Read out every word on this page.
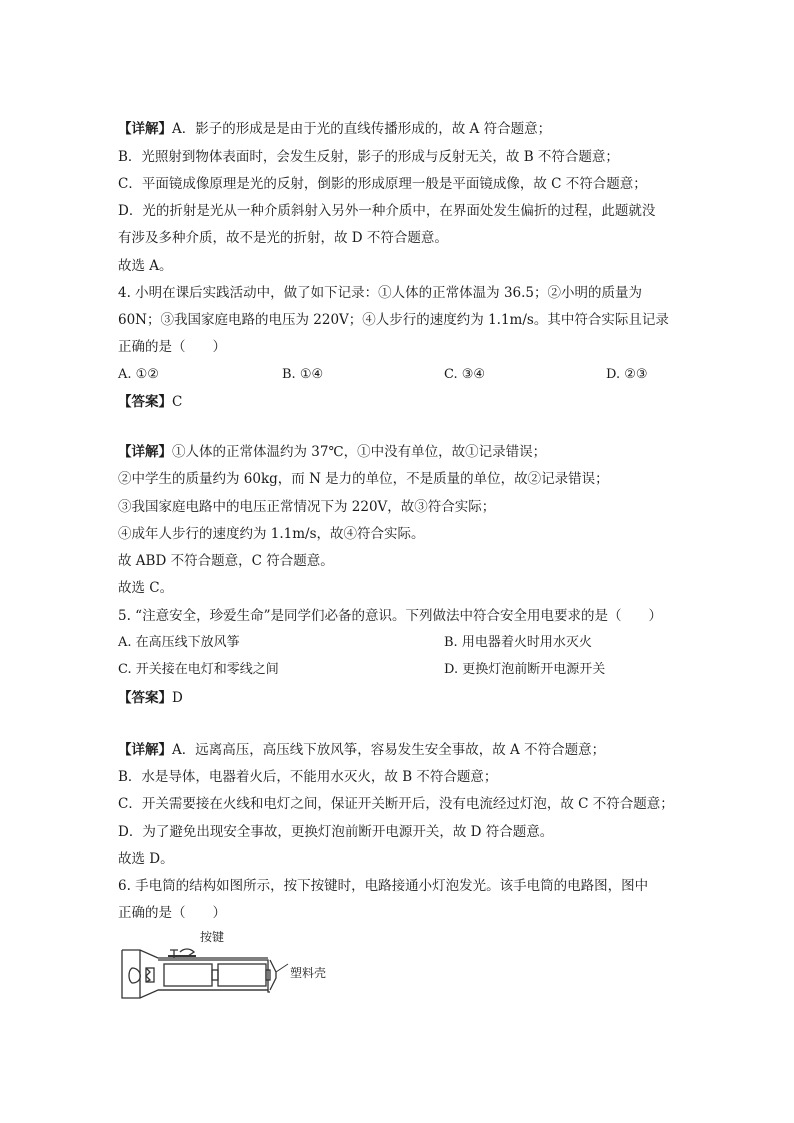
【详解】A．影子的形成是是由于光的直线传播形成的，故 A 符合题意；
B．光照射到物体表面时，会发生反射，影子的形成与反射无关，故 B 不符合题意；
C．平面镜成像原理是光的反射，倒影的形成原理一般是平面镜成像，故 C 不符合题意；
D．光的折射是光从一种介质斜射入另外一种介质中，在界面处发生偏折的过程，此题就没
有涉及多种介质，故不是光的折射，故 D 不符合题意。
故选 A。
4. 小明在课后实践活动中，做了如下记录：①人体的正常体温为 36.5；②小明的质量为
60N；③我国家庭电路的电压为 220V；④人步行的速度约为 1.1m/s。其中符合实际且记录
正确的是（　　）
A. ①②	B. ①④	C. ③④	D. ②③
【答案】C
【详解】①人体的正常体温约为 37℃，①中没有单位，故①记录错误；
②中学生的质量约为 60kg，而 N 是力的单位，不是质量的单位，故②记录错误；
③我国家庭电路中的电压正常情况下为 220V，故③符合实际；
④成年人步行的速度约为 1.1m/s，故④符合实际。
故 ABD 不符合题意，C 符合题意。
故选 C。
5. “注意安全，珍爱生命”是同学们必备的意识。下列做法中符合安全用电要求的是（　　）
A. 在高压线下放风筝	B. 用电器着火时用水灭火
C. 开关接在电灯和零线之间	D. 更换灯泡前断开电源开关
【答案】D
【详解】A．远离高压，高压线下放风筝，容易发生安全事故，故 A 不符合题意；
B．水是导体，电器着火后，不能用水灭火，故 B 不符合题意；
C．开关需要接在火线和电灯之间，保证开关断开后，没有电流经过灯泡，故 C 不符合题意；
D．为了避免出现安全事故，更换灯泡前断开电源开关，故 D 符合题意。
故选 D。
6. 手电筒的结构如图所示，按下按键时，电路接通小灯泡发光。该手电筒的电路图，图中
正确的是（　　）
按键
塑料壳
